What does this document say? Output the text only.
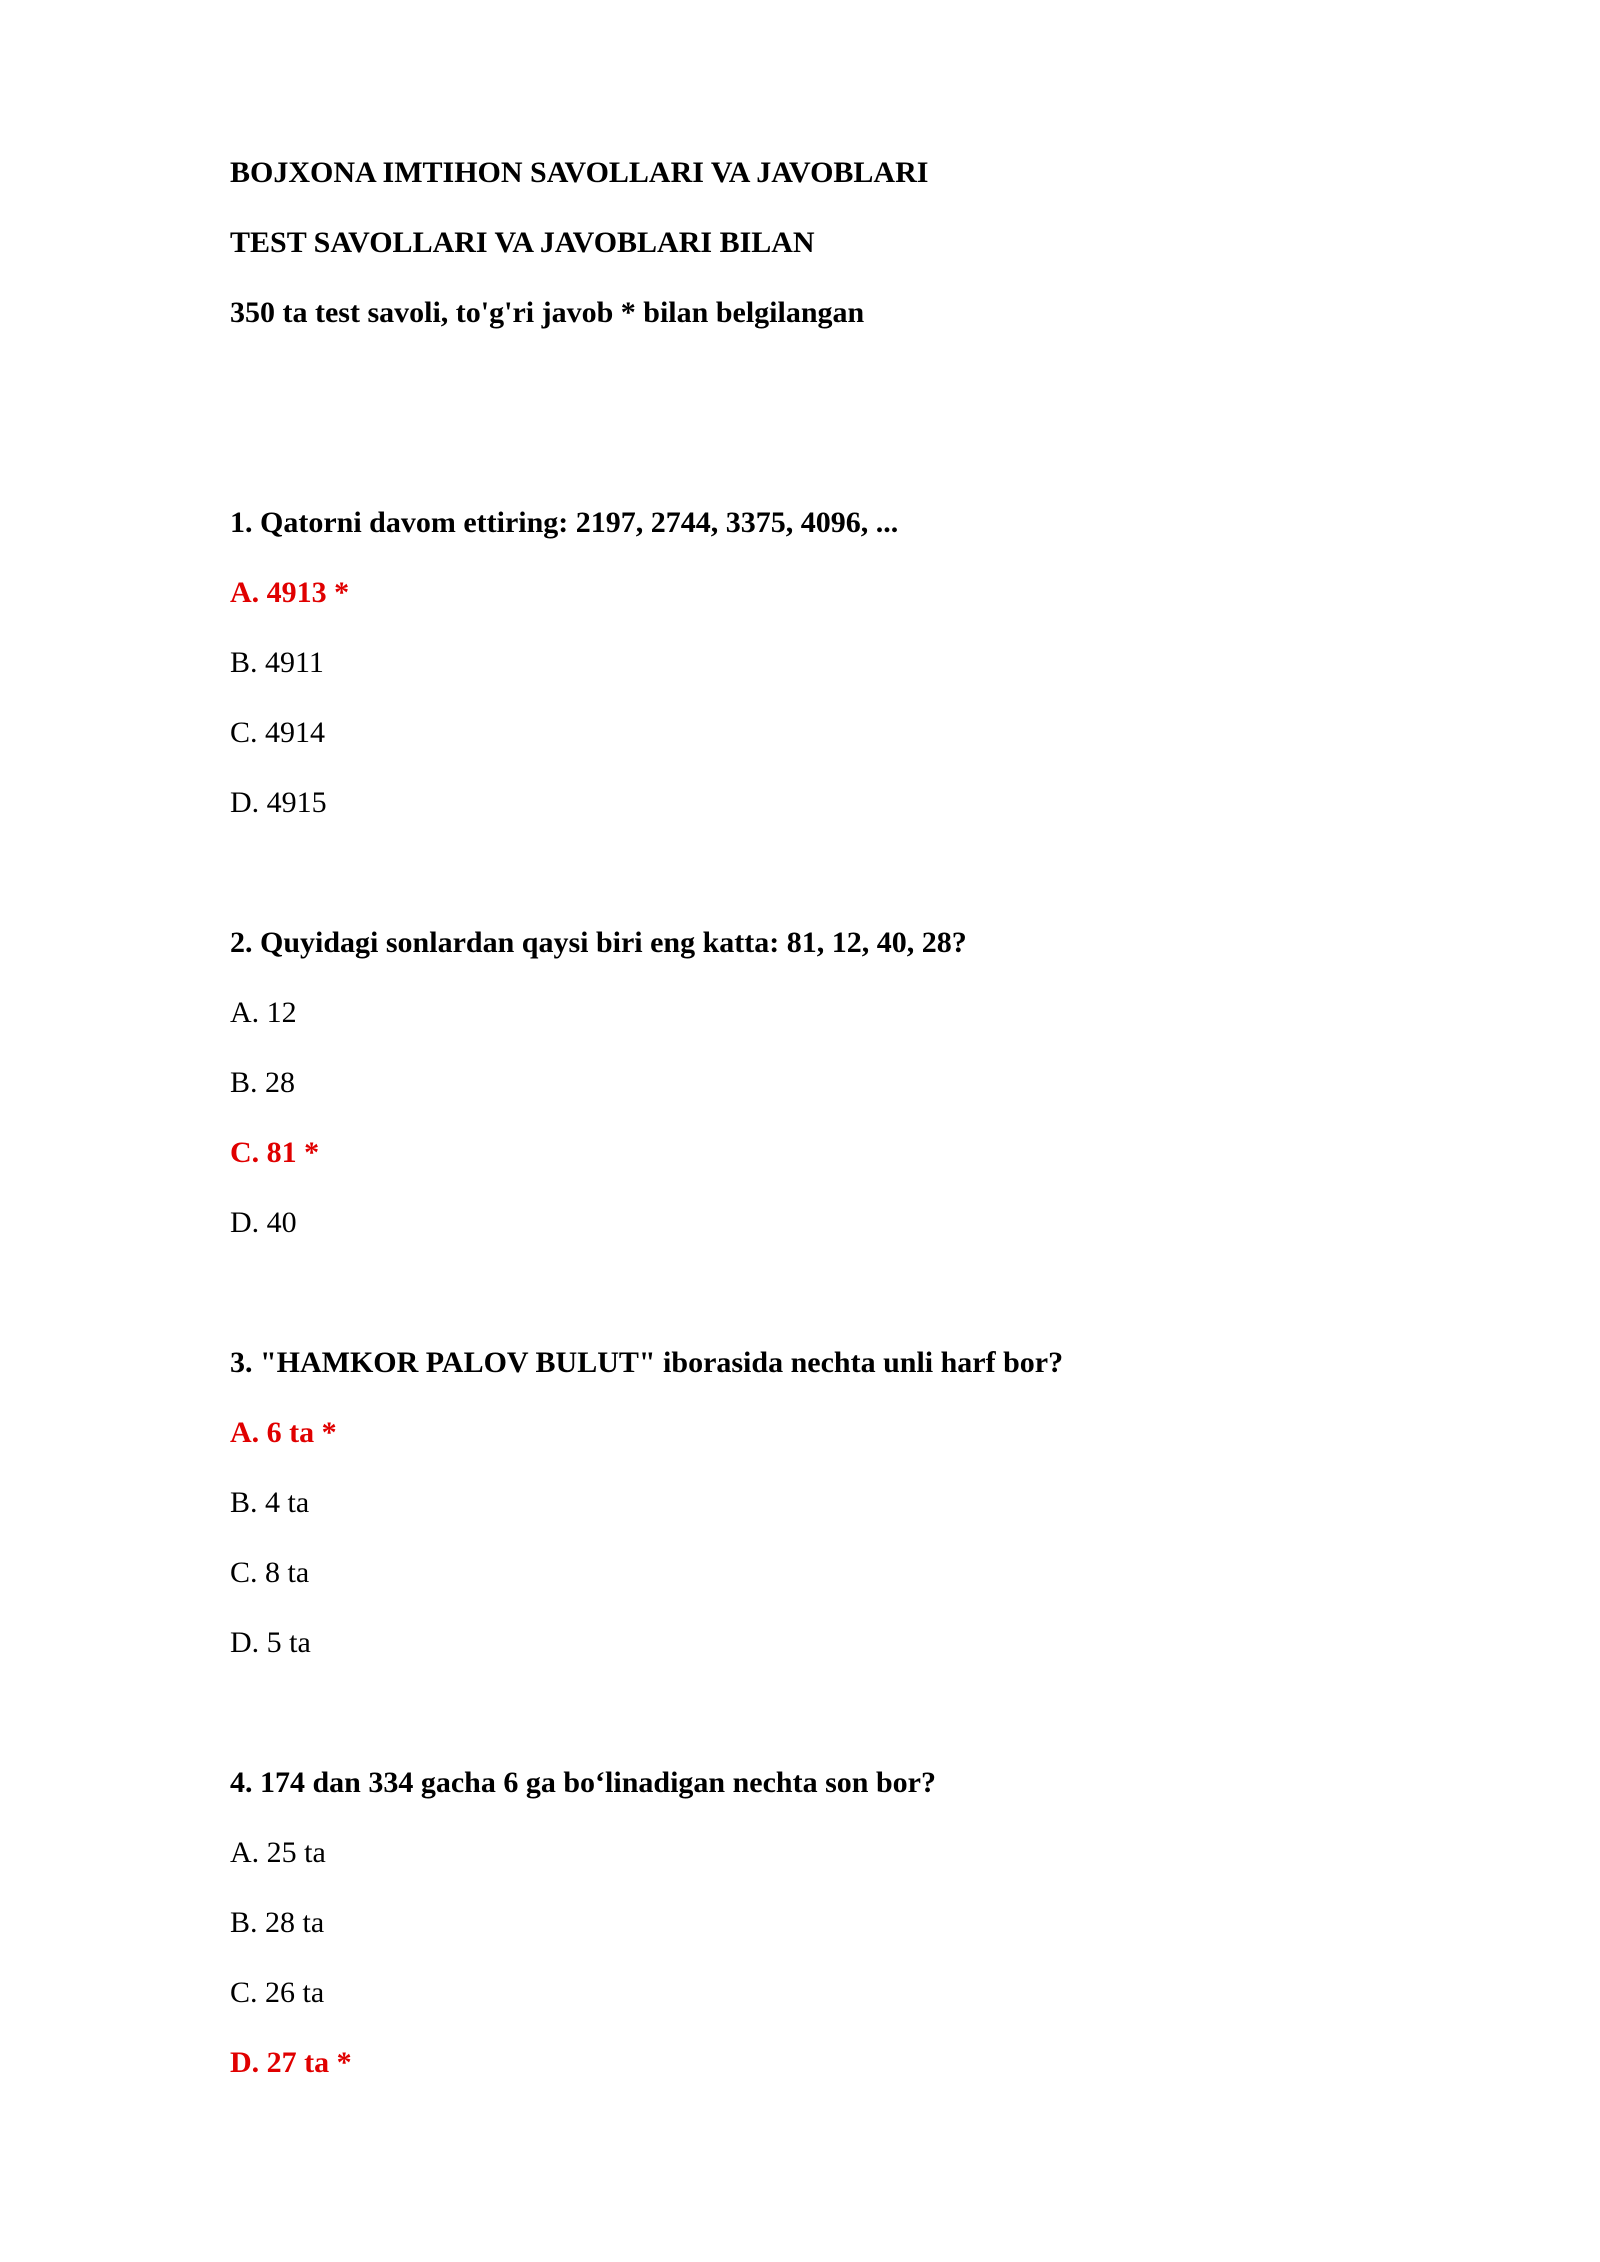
BOJXONA IMTIHON SAVOLLARI VA JAVOBLARI
TEST SAVOLLARI VA JAVOBLARI BILAN
350 ta test savoli, to'g'ri javob * bilan belgilangan
1. Qatorni davom ettiring: 2197, 2744, 3375, 4096, ...
A. 4913 *
B. 4911
C. 4914
D. 4915
2. Quyidagi sonlardan qaysi biri eng katta: 81, 12, 40, 28?
A. 12
B. 28
C. 81 *
D. 40
3. "HAMKOR PALOV BULUT" iborasida nechta unli harf bor?
A. 6 ta *
B. 4 ta
C. 8 ta
D. 5 ta
4. 174 dan 334 gacha 6 ga bo‘linadigan nechta son bor?
A. 25 ta
B. 28 ta
C. 26 ta
D. 27 ta *
